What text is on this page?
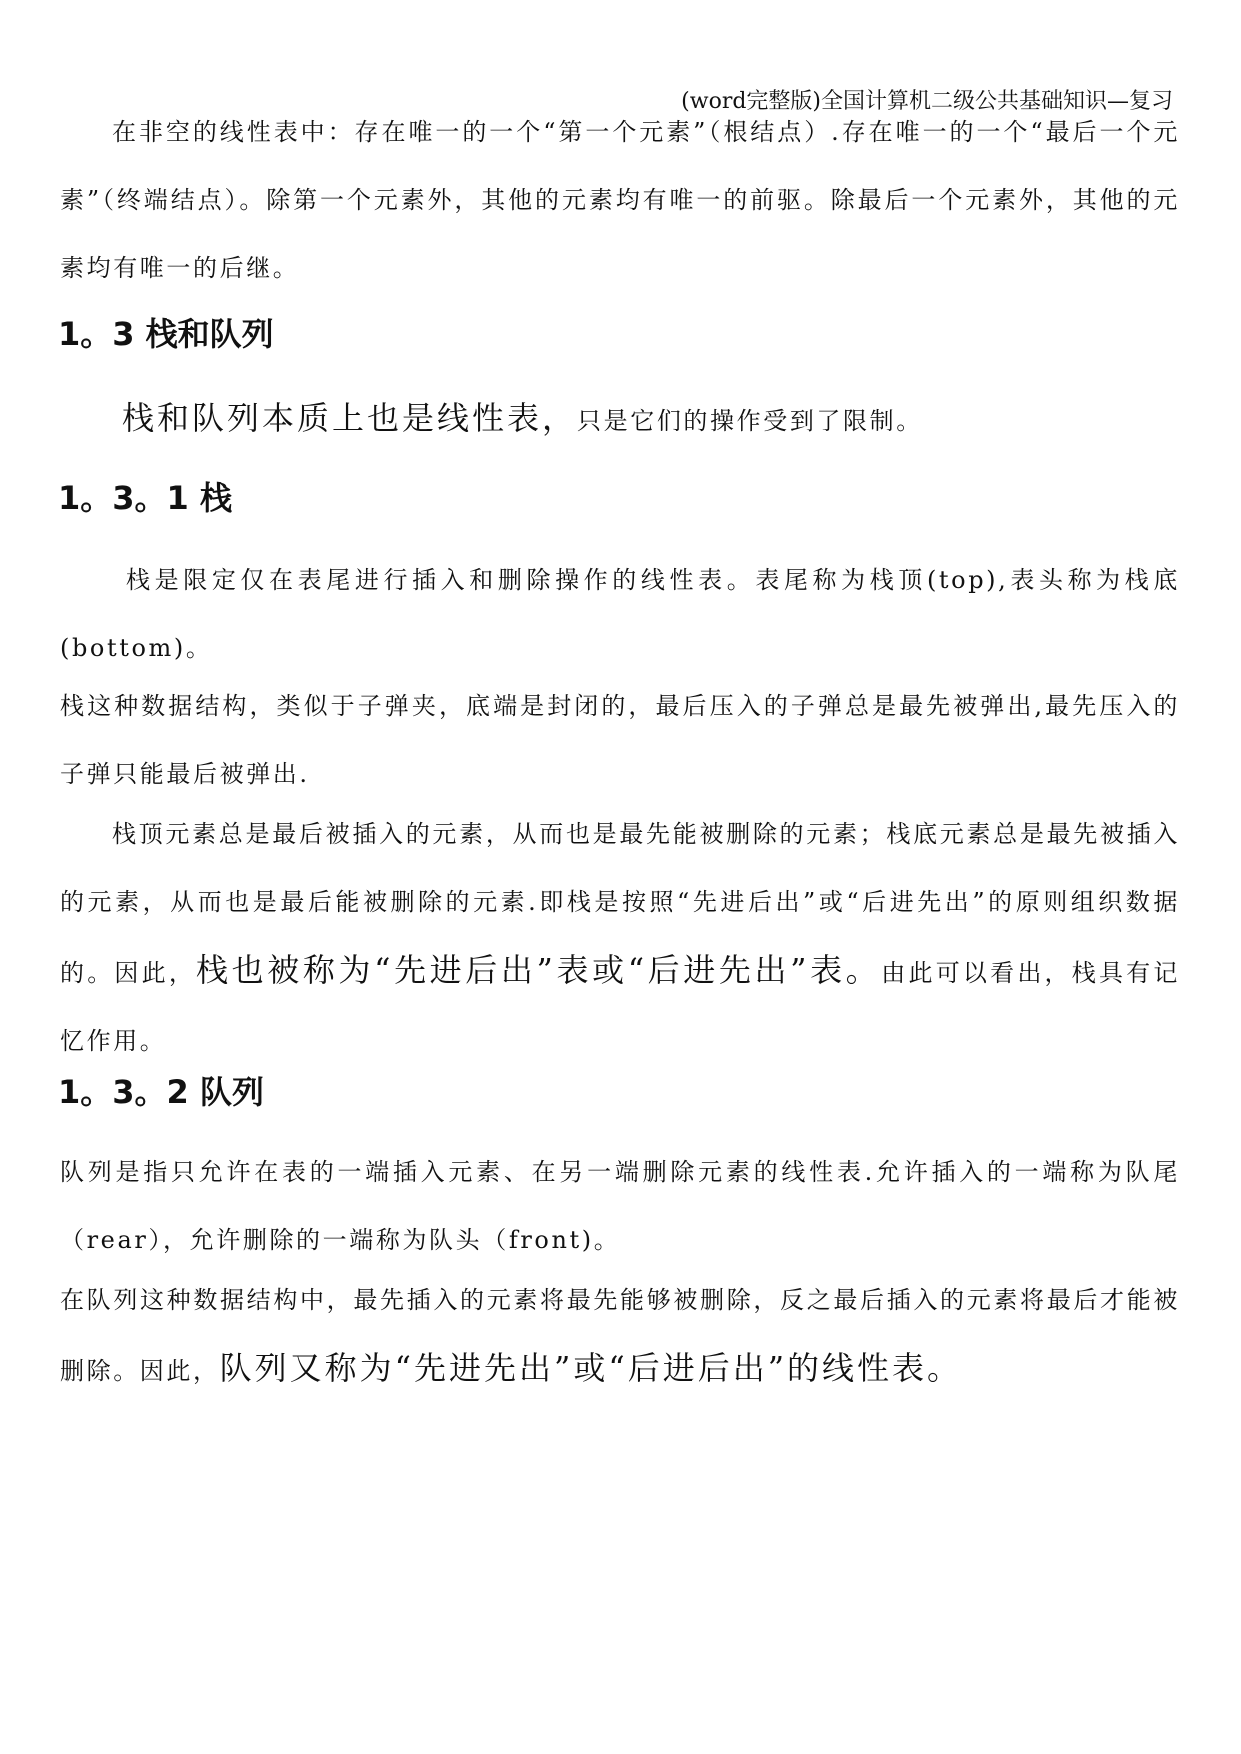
(word完整版)全国计算机二级公共基础知识—复习

在非空的线性表中：存在唯一的一个“第一个元素”（根结点）.存在唯一的一个“最后一个元素”（终端结点）。除第一个元素外，其他的元素均有唯一的前驱。除最后一个元素外，其他的元素均有唯一的后继。

1。3 栈和队列

栈和队列本质上也是线性表，只是它们的操作受到了限制。

1。3。1 栈

栈是限定仅在表尾进行插入和删除操作的线性表。表尾称为栈顶(top),表头称为栈底(bottom)。

栈这种数据结构，类似于子弹夹，底端是封闭的，最后压入的子弹总是最先被弹出,最先压入的子弹只能最后被弹出.

栈顶元素总是最后被插入的元素，从而也是最先能被删除的元素；栈底元素总是最先被插入的元素，从而也是最后能被删除的元素.即栈是按照“先进后出”或“后进先出”的原则组织数据的。因此，栈也被称为“先进后出”表或“后进先出”表。由此可以看出，栈具有记忆作用。

1。3。2 队列

队列是指只允许在表的一端插入元素、在另一端删除元素的线性表.允许插入的一端称为队尾（rear），允许删除的一端称为队头（front)。

在队列这种数据结构中，最先插入的元素将最先能够被删除，反之最后插入的元素将最后才能被删除。因此，队列又称为“先进先出”或“后进后出”的线性表。
